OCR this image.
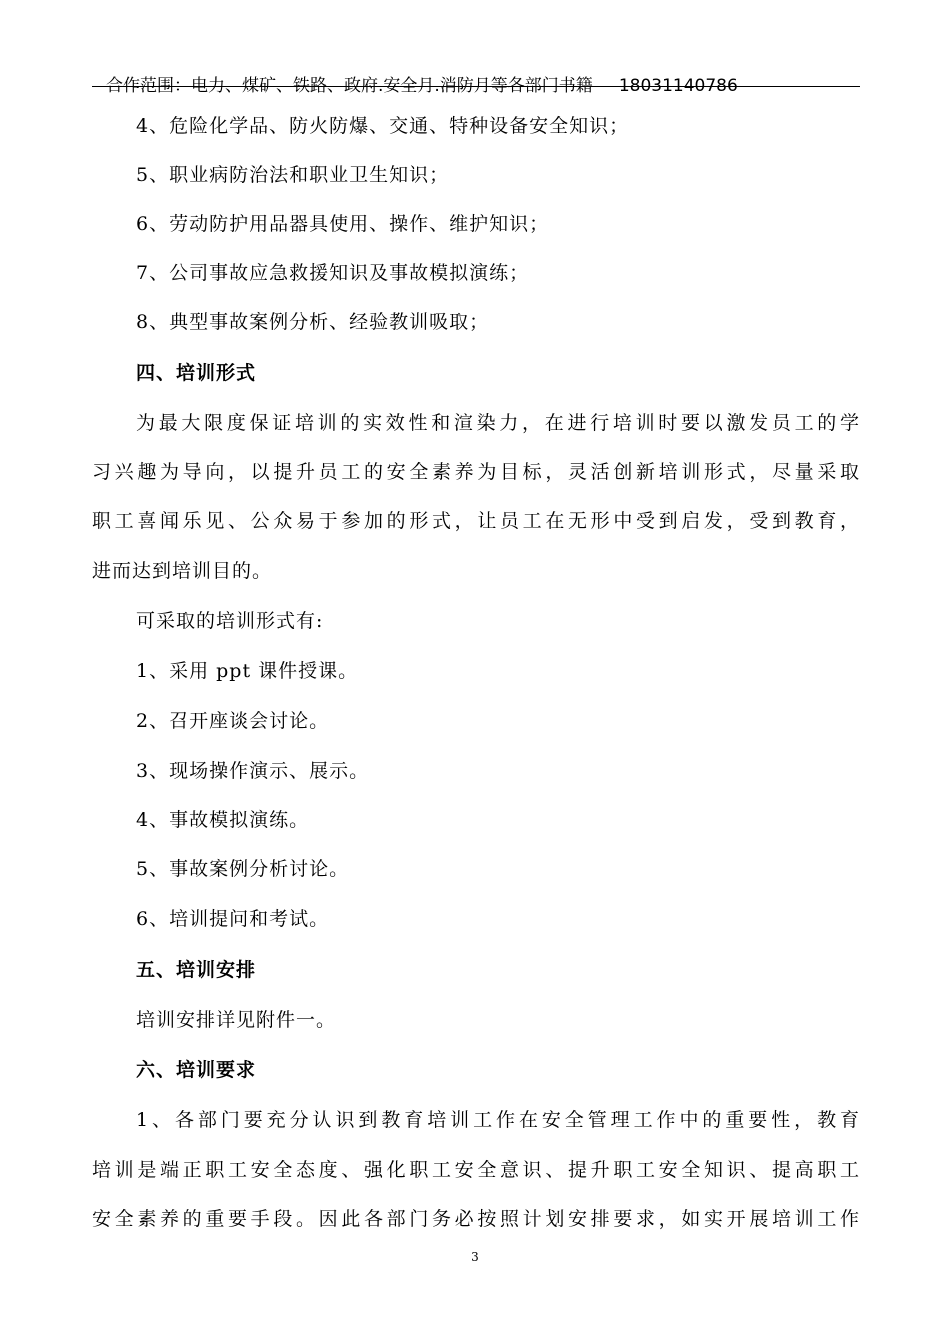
合作范围：电力、煤矿、铁路、政府.安全月.消防月等各部门书籍 18031140786
4、危险化学品、防火防爆、交通、特种设备安全知识；
5、职业病防治法和职业卫生知识；
6、劳动防护用品器具使用、操作、维护知识；
7、公司事故应急救援知识及事故模拟演练；
8、典型事故案例分析、经验教训吸取；
四、培训形式
为最大限度保证培训的实效性和渲染力，在进行培训时要以激发员工的学
习兴趣为导向，以提升员工的安全素养为目标，灵活创新培训形式，尽量采取
职工喜闻乐见、公众易于参加的形式，让员工在无形中受到启发，受到教育，
进而达到培训目的。
可采取的培训形式有:
1、采用 ppt 课件授课。
2、召开座谈会讨论。
3、现场操作演示、展示。
4、事故模拟演练。
5、事故案例分析讨论。
6、培训提问和考试。
五、培训安排
培训安排详见附件一。
六、培训要求
1、各部门要充分认识到教育培训工作在安全管理工作中的重要性，教育
培训是端正职工安全态度、强化职工安全意识、提升职工安全知识、提高职工
安全素养的重要手段。因此各部门务必按照计划安排要求，如实开展培训工作
3
